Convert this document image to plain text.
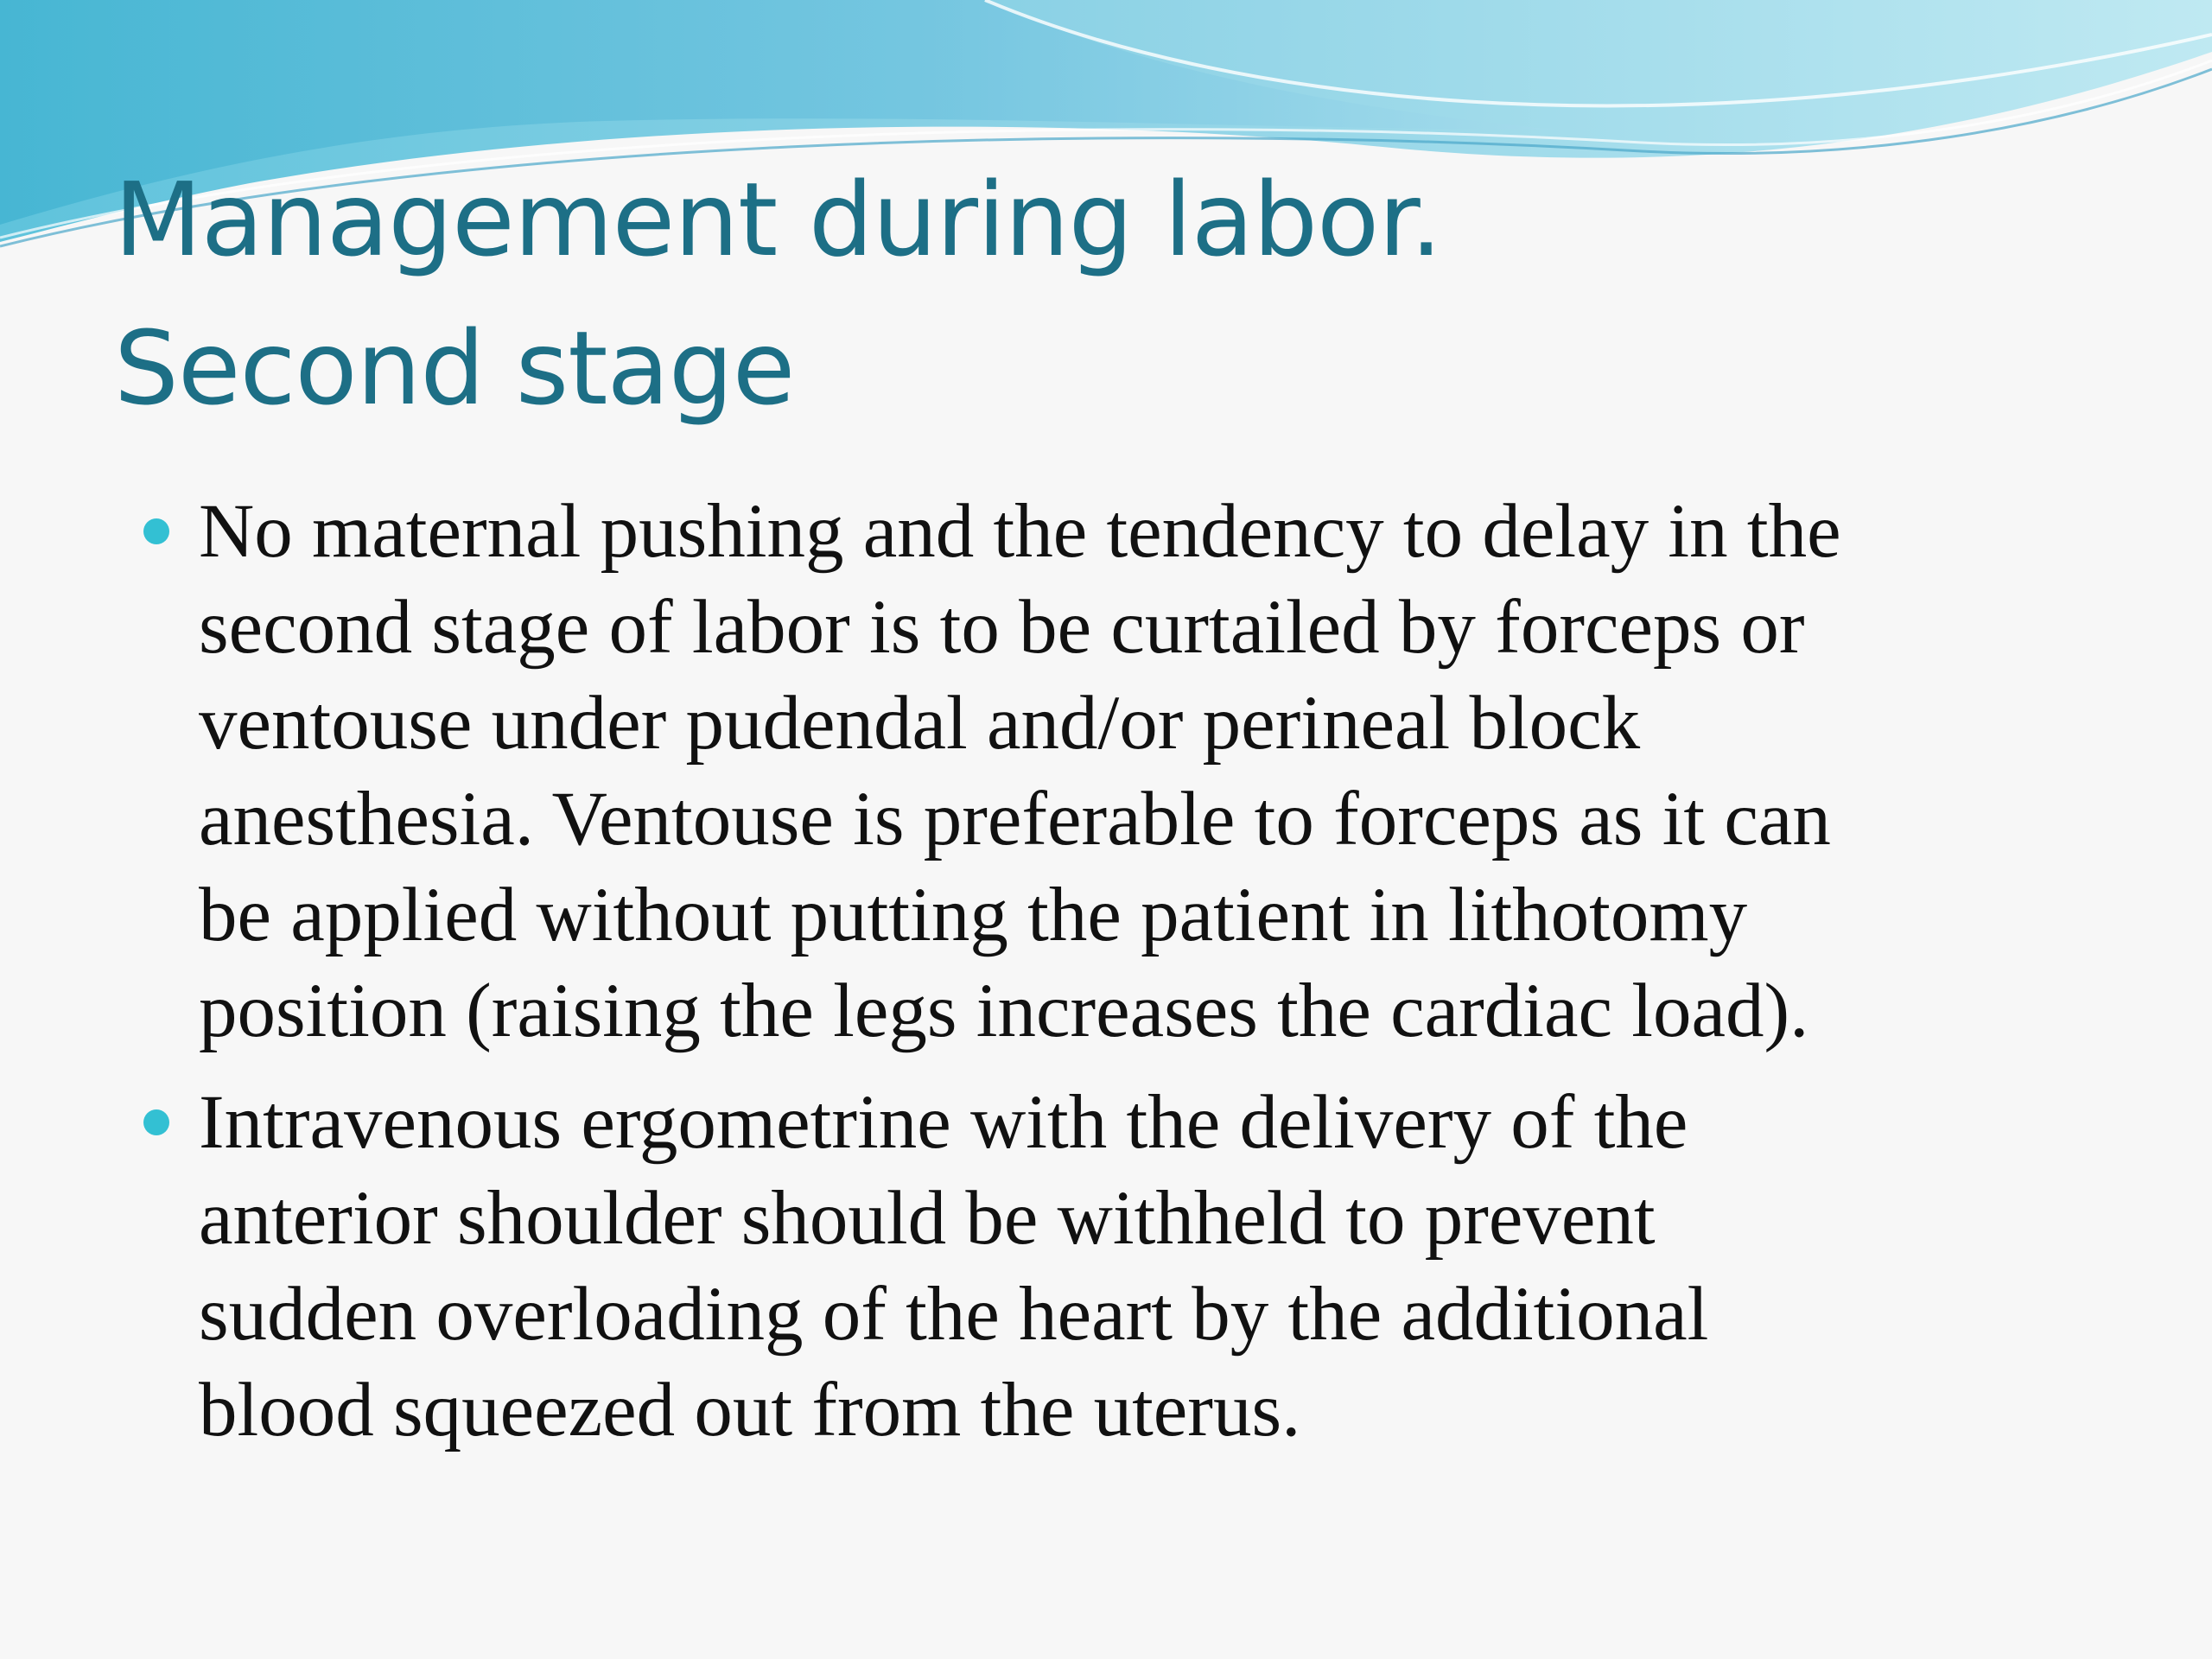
Management during labor.
Second stage
No maternal pushing and the tendency to delay in the
second stage of labor is to be curtailed by forceps or
ventouse under pudendal and/or perineal block
anesthesia. Ventouse is preferable to forceps as it can
be applied without putting the patient in lithotomy
position (raising the legs increases the cardiac load).
Intravenous ergometrine with the delivery of the
anterior shoulder should be withheld to prevent
sudden overloading of the heart by the additional
blood squeezed out from the uterus.
